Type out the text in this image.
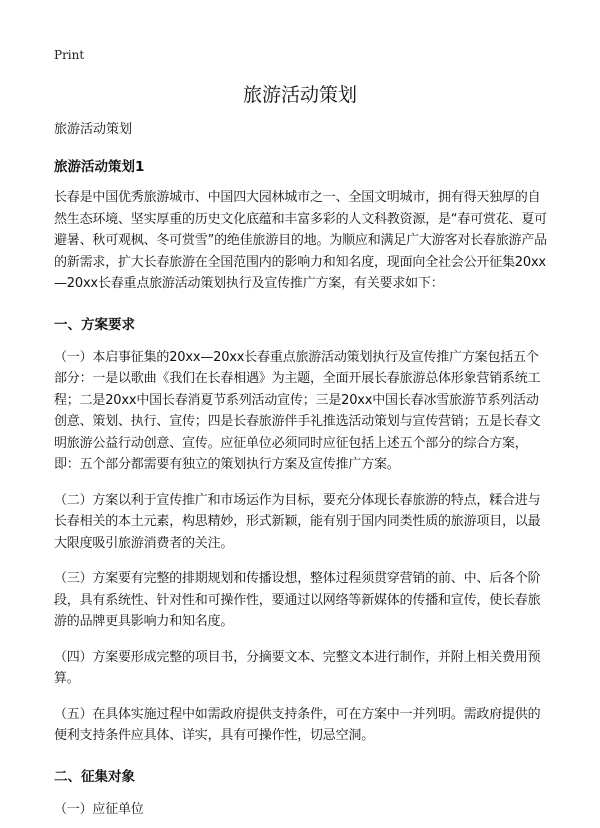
Print
旅游活动策划

旅游活动策划

旅游活动策划1

长春是中国优秀旅游城市、中国四大园林城市之一、全国文明城市，拥有得天独厚的自然生态环境、坚实厚重的历史文化底蕴和丰富多彩的人文科教资源，是“春可赏花、夏可避暑、秋可观枫、冬可赏雪”的绝佳旅游目的地。为顺应和满足广大游客对长春旅游产品的新需求，扩大长春旅游在全国范围内的影响力和知名度，现面向全社会公开征集20xx—20xx长春重点旅游活动策划执行及宣传推广方案，有关要求如下：

一、方案要求

（一）本启事征集的20xx—20xx长春重点旅游活动策划执行及宣传推广方案包括五个部分：一是以歌曲《我们在长春相遇》为主题，全面开展长春旅游总体形象营销系统工程；二是20xx中国长春消夏节系列活动宣传；三是20xx中国长春冰雪旅游节系列活动创意、策划、执行、宣传；四是长春旅游伴手礼推选活动策划与宣传营销；五是长春文明旅游公益行动创意、宣传。应征单位必须同时应征包括上述五个部分的综合方案，即：五个部分都需要有独立的策划执行方案及宣传推广方案。

（二）方案以利于宣传推广和市场运作为目标，要充分体现长春旅游的特点，糅合进与长春相关的本土元素，构思精妙，形式新颖，能有别于国内同类性质的旅游项目，以最大限度吸引旅游消费者的关注。

（三）方案要有完整的排期规划和传播设想，整体过程须贯穿营销的前、中、后各个阶段，具有系统性、针对性和可操作性，要通过以网络等新媒体的传播和宣传，使长春旅游的品牌更具影响力和知名度。

（四）方案要形成完整的项目书，分摘要文本、完整文本进行制作，并附上相关费用预算。

（五）在具体实施过程中如需政府提供支持条件，可在方案中一并列明。需政府提供的便利支持条件应具体、详实，具有可操作性，切忌空洞。

二、征集对象

（一）应征单位
